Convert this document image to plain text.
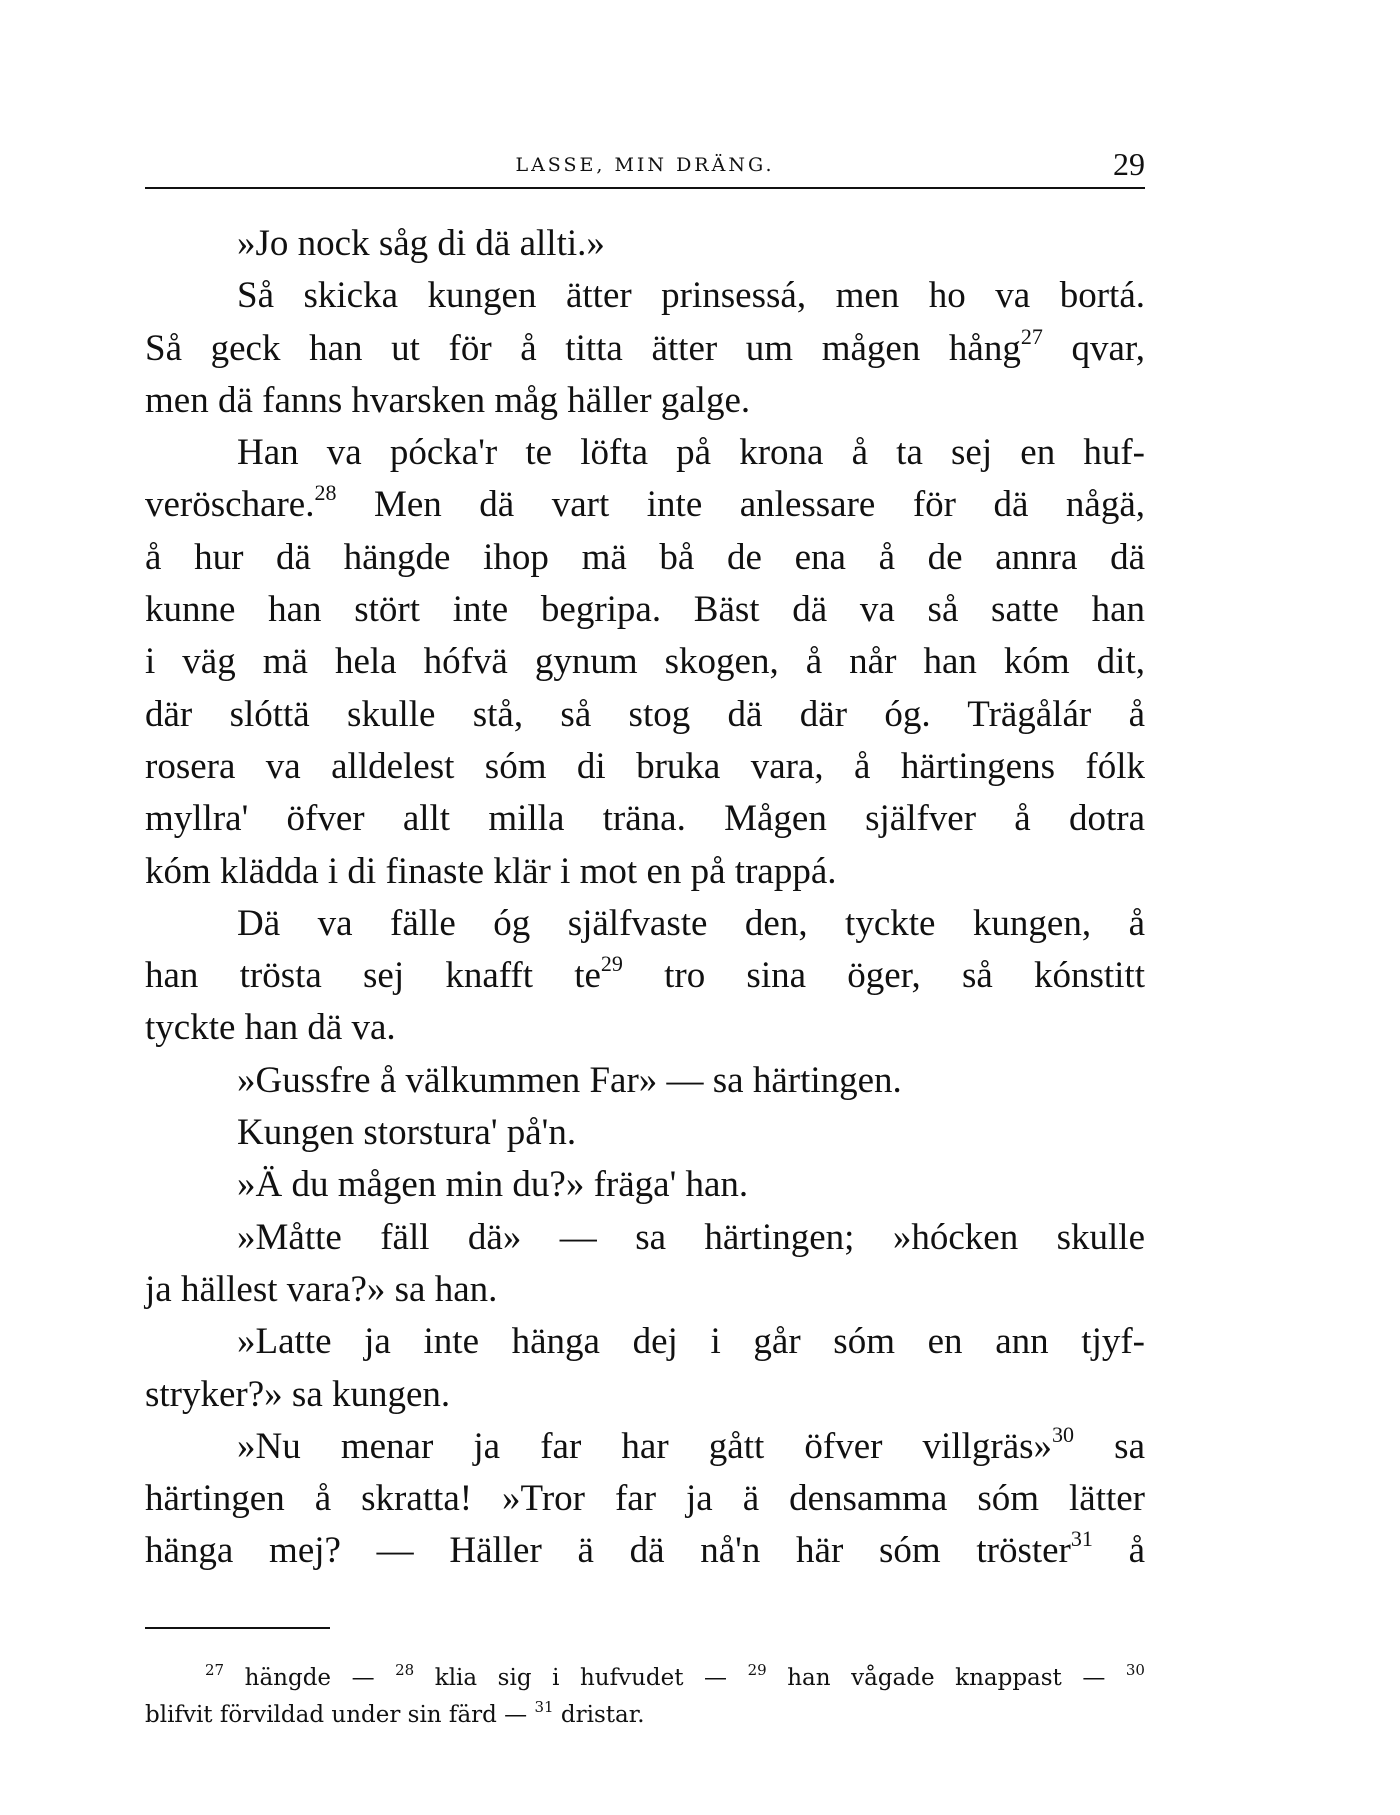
LASSE, MIN DRÄNG.	29
»Jo nock såg di dä allti.»
Så skicka kungen ätter prinsessá, men ho va bortá.
Så geck han ut för å titta ätter um mågen hång$^{27}$ qvar,
men dä fanns hvarsken måg häller galge.
Han va pócka'r te löfta på krona å ta sej en huf-
veröschare.$^{28}$ Men dä vart inte anlessare för dä någä,
å hur dä hängde ihop mä bå de ena å de annra dä
kunne han stört inte begripa. Bäst dä va så satte han
i väg mä hela hófvä gynum skogen, å når han kóm dit,
där slóttä skulle stå, så stog dä där óg. Trägålár å
rosera va alldelest sóm di bruka vara, å härtingens fólk
myllra' öfver allt milla träna. Mågen själfver å dotra
kóm klädda i di finaste klär i mot en på trappá.
Dä va fälle óg själfvaste den, tyckte kungen, å
han trösta sej knafft $te^{29}$ tro sina öger, så kónstitt
tyckte han dä va.
»Gussfre å välkummen Far» — sa härtingen.
Kungen storstura' på'n.
»Ä du mågen min du?» fräga' han.
»Måtte fäll dä» — sa härtingen; »hócken skulle
ja hällest vara?» sa han.
»Latte ja inte hänga dej i går sóm en ann tjyf-
stryker?» sa kungen.
»Nu menar ja far har gått öfver villgräs»$^{30}$ sa
härtingen å skratta! »Tror far ja ä densamma sóm lätter
hänga mej? — Häller ä dä nå'n här sóm tröster$^{31}$ å
$^{27}$ hängde — $^{28}$ klia sig i hufvudet — $^{29}$ han vågade knappast — $^{30}$
blifvit förvildad under sin färd — $^{31}$ dristar.
